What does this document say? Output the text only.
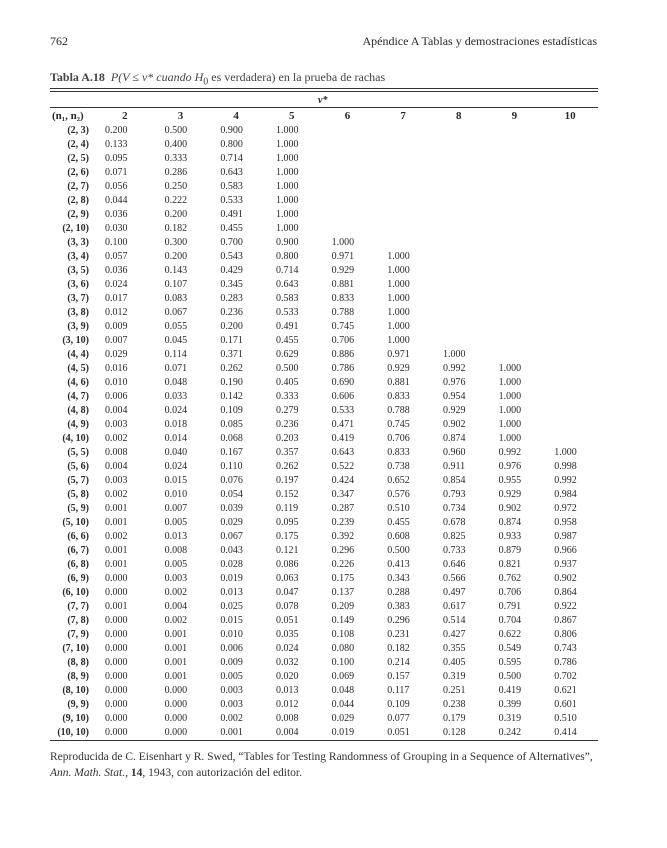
762	Apéndice A Tablas y demostraciones estadísticas
Tabla A.18 P(V ≤ v* cuando $H_0$ es verdadera) en la prueba de rachas
v*
(n₁, n₂)	2	3	4	5	6	7	8	9	10
(2, 3)	0.200	0.500	0.900	1.000					
(2, 4)	0.133	0.400	0.800	1.000					
(2, 5)	0.095	0.333	0.714	1.000					
(2, 6)	0.071	0.286	0.643	1.000					
(2, 7)	0.056	0.250	0.583	1.000					
(2, 8)	0.044	0.222	0.533	1.000					
(2, 9)	0.036	0.200	0.491	1.000					
(2, 10)	0.030	0.182	0.455	1.000					
(3, 3)	0.100	0.300	0.700	0.900	1.000				
(3, 4)	0.057	0.200	0.543	0.800	0.971	1.000			
(3, 5)	0.036	0.143	0.429	0.714	0.929	1.000			
(3, 6)	0.024	0.107	0.345	0.643	0.881	1.000			
(3, 7)	0.017	0.083	0.283	0.583	0.833	1.000			
(3, 8)	0.012	0.067	0.236	0.533	0.788	1.000			
(3, 9)	0.009	0.055	0.200	0.491	0.745	1.000			
(3, 10)	0.007	0.045	0.171	0.455	0.706	1.000			
(4, 4)	0.029	0.114	0.371	0.629	0.886	0.971	1.000		
(4, 5)	0.016	0.071	0.262	0.500	0.786	0.929	0.992	1.000	
(4, 6)	0.010	0.048	0.190	0.405	0.690	0.881	0.976	1.000	
(4, 7)	0.006	0.033	0.142	0.333	0.606	0.833	0.954	1.000	
(4, 8)	0.004	0.024	0.109	0.279	0.533	0.788	0.929	1.000	
(4, 9)	0.003	0.018	0.085	0.236	0.471	0.745	0.902	1.000	
(4, 10)	0.002	0.014	0.068	0.203	0.419	0.706	0.874	1.000	
(5, 5)	0.008	0.040	0.167	0.357	0.643	0.833	0.960	0.992	1.000
(5, 6)	0.004	0.024	0.110	0.262	0.522	0.738	0.911	0.976	0.998
(5, 7)	0.003	0.015	0.076	0.197	0.424	0.652	0.854	0.955	0.992
(5, 8)	0.002	0.010	0.054	0.152	0.347	0.576	0.793	0.929	0.984
(5, 9)	0.001	0.007	0.039	0.119	0.287	0.510	0.734	0.902	0.972
(5, 10)	0.001	0.005	0.029	0.095	0.239	0.455	0.678	0.874	0.958
(6, 6)	0.002	0.013	0.067	0.175	0.392	0.608	0.825	0.933	0.987
(6, 7)	0.001	0.008	0.043	0.121	0.296	0.500	0.733	0.879	0.966
(6, 8)	0.001	0.005	0.028	0.086	0.226	0.413	0.646	0.821	0.937
(6, 9)	0.000	0.003	0.019	0.063	0.175	0.343	0.566	0.762	0.902
(6, 10)	0.000	0.002	0.013	0.047	0.137	0.288	0.497	0.706	0.864
(7, 7)	0.001	0.004	0.025	0.078	0.209	0.383	0.617	0.791	0.922
(7, 8)	0.000	0.002	0.015	0.051	0.149	0.296	0.514	0.704	0.867
(7, 9)	0.000	0.001	0.010	0.035	0.108	0.231	0.427	0.622	0.806
(7, 10)	0.000	0.001	0.006	0.024	0.080	0.182	0.355	0.549	0.743
(8, 8)	0.000	0.001	0.009	0.032	0.100	0.214	0.405	0.595	0.786
(8, 9)	0.000	0.001	0.005	0.020	0.069	0.157	0.319	0.500	0.702
(8, 10)	0.000	0.000	0.003	0.013	0.048	0.117	0.251	0.419	0.621
(9, 9)	0.000	0.000	0.003	0.012	0.044	0.109	0.238	0.399	0.601
(9, 10)	0.000	0.000	0.002	0.008	0.029	0.077	0.179	0.319	0.510
(10, 10)	0.000	0.000	0.001	0.004	0.019	0.051	0.128	0.242	0.414
Reproducida de C. Eisenhart y R. Swed, “Tables for Testing Randomness of Grouping in a Sequence of Alternatives”, Ann. Math. Stat., 14, 1943, con autorización del editor.
